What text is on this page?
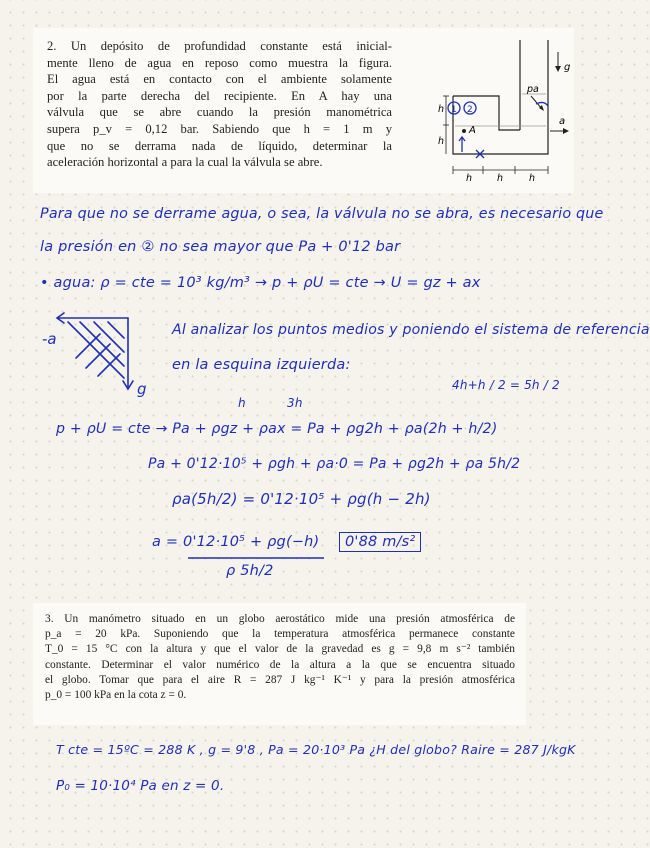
2. Un depósito de profundidad constante está inicial-
mente lleno de agua en reposo como muestra la figura.
El agua está en contacto con el ambiente solamente
por la parte derecha del recipiente. En A hay una
válvula que se abre cuando la presión manométrica
supera p_v = 0,12 bar. Sabiendo que h = 1 m y
que no se derrama nada de líquido, determinar la
aceleración horizontal a para la cual la válvula se abre.
g
a
pa
A
h
h
h	h	h
1 2
Para que no se derrame agua, o sea, la válvula no se abra, es necesario que
la presión en ② no sea mayor que Pa + 0'12 bar
• agua: ρ = cte = 10³ kg/m³ → p + ρU = cte → U = gz + ax
-a
g
Al analizar los puntos medios y poniendo el sistema de referencia
en la esquina izquierda:
4h+h / 2 = 5h / 2
h	3h
p + ρU = cte → Pa + ρgz + ρax = Pa + ρg2h + ρa(2h + h/2)
Pa + 0'12·10⁵ + ρgh + ρa·0 = Pa + ρg2h + ρa 5h/2
ρa(5h/2) = 0'12·10⁵ + ρg(h − 2h)
a = 0'12·10⁵ + ρg(−h)
ρ 5h/2
0'88 m/s²
3. Un manómetro situado en un globo aerostático mide una presión atmosférica de
p_a = 20 kPa. Suponiendo que la temperatura atmosférica permanece constante
T_0 = 15 °C con la altura y que el valor de la gravedad es g = 9,8 m s⁻² también
constante. Determinar el valor numérico de la altura a la que se encuentra situado
el globo. Tomar que para el aire R = 287 J kg⁻¹ K⁻¹ y para la presión atmosférica
p_0 = 100 kPa en la cota z = 0.
T cte = 15ºC = 288 K , g = 9'8 , Pa = 20·10³ Pa ¿H del globo? Raire = 287 J/kgK
P₀ = 10·10⁴ Pa en z = 0.
